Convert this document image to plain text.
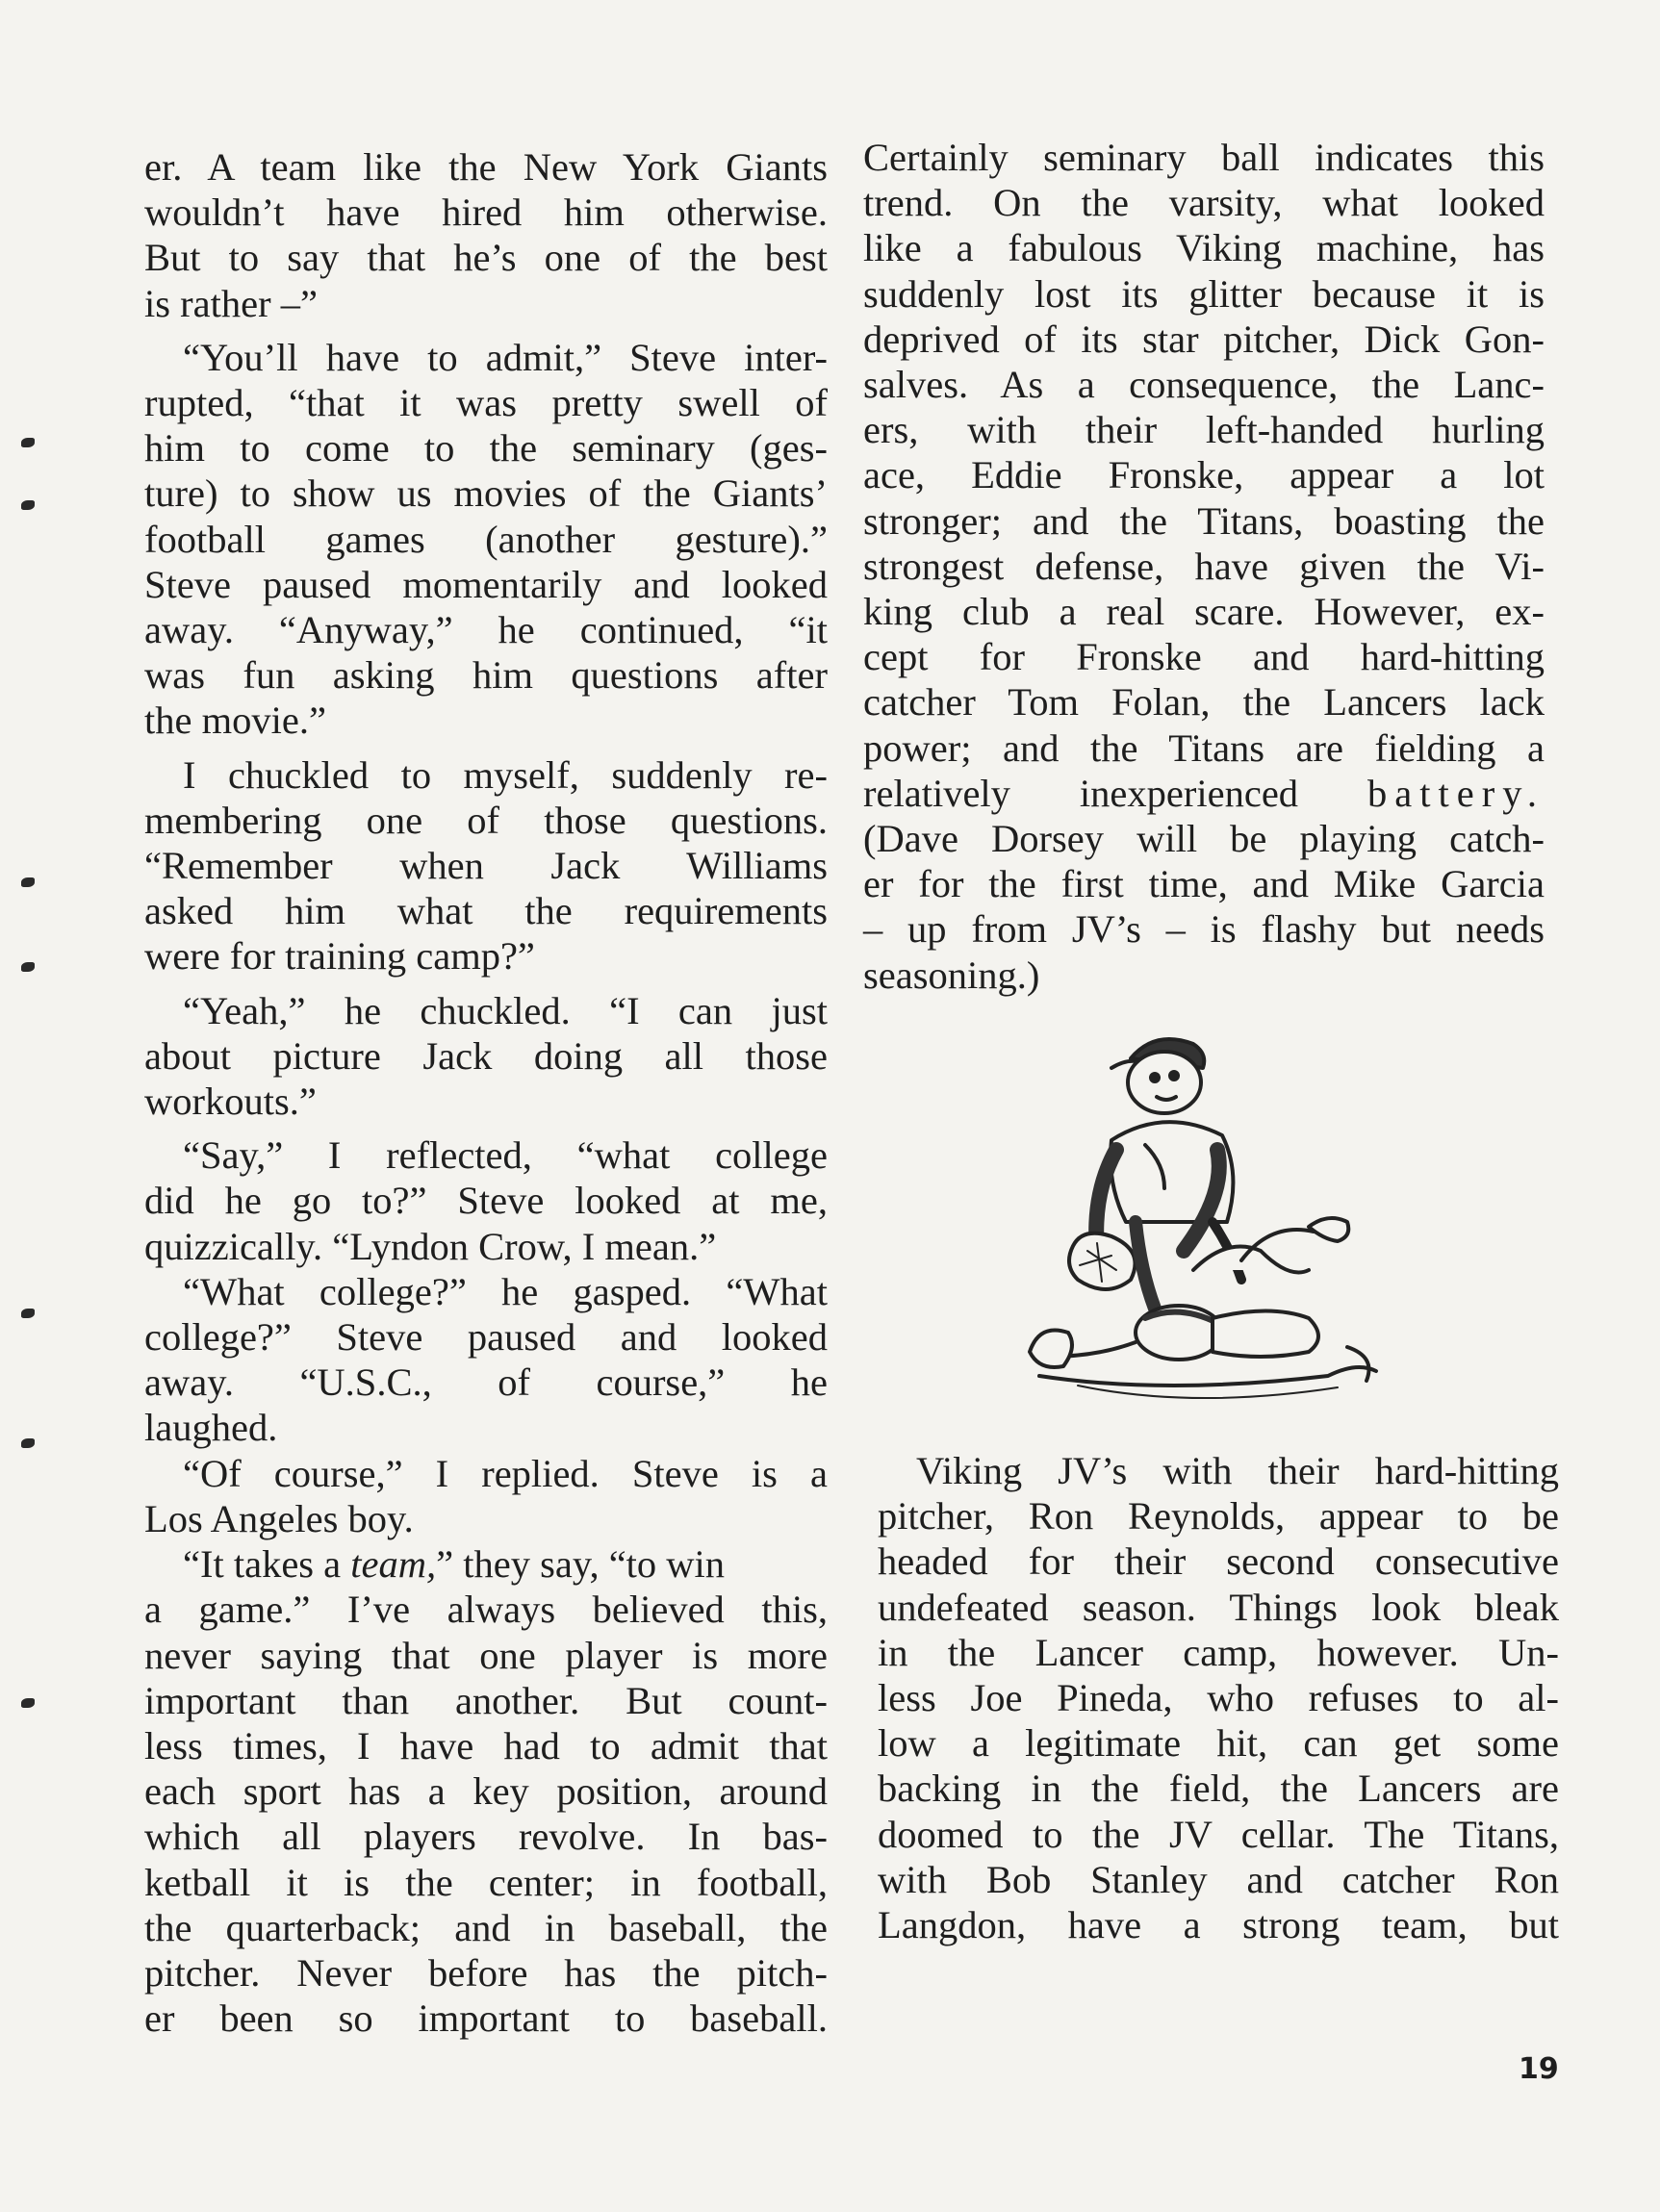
er. A team like the New York Giants
wouldn’t have hired him otherwise.
But to say that he’s one of the best
is rather –”
“You’ll have to admit,” Steve inter-
rupted, “that it was pretty swell of
him to come to the seminary (ges-
ture) to show us movies of the Giants’
football games (another gesture).”
Steve paused momentarily and looked
away. “Anyway,” he continued, “it
was fun asking him questions after
the movie.”
I chuckled to myself, suddenly re-
membering one of those questions.
“Remember when Jack Williams
asked him what the requirements
were for training camp?”
“Yeah,” he chuckled. “I can just
about picture Jack doing all those
workouts.”
“Say,” I reflected, “what college
did he go to?” Steve looked at me,
quizzically. “Lyndon Crow, I mean.”
“What college?” he gasped. “What
college?” Steve paused and looked
away. “U.S.C., of course,” he
laughed.
“Of course,” I replied. Steve is a
Los Angeles boy.
“It takes a team,” they say, “to win
a game.” I’ve always believed this,
never saying that one player is more
important than another. But count-
less times, I have had to admit that
each sport has a key position, around
which all players revolve. In bas-
ketball it is the center; in football,
the quarterback; and in baseball, the
pitcher. Never before has the pitch-
er been so important to baseball.
Certainly seminary ball indicates this
trend. On the varsity, what looked
like a fabulous Viking machine, has
suddenly lost its glitter because it is
deprived of its star pitcher, Dick Gon-
salves. As a consequence, the Lanc-
ers, with their left-handed hurling
ace, Eddie Fronske, appear a lot
stronger; and the Titans, boasting the
strongest defense, have given the Vi-
king club a real scare. However, ex-
cept for Fronske and hard-hitting
catcher Tom Folan, the Lancers lack
power; and the Titans are fielding a
relatively inexperienced battery.
(Dave Dorsey will be playing catch-
er for the first time, and Mike Garcia
– up from JV’s – is flashy but needs
seasoning.)
Viking JV’s with their hard-hitting
pitcher, Ron Reynolds, appear to be
headed for their second consecutive
undefeated season. Things look bleak
in the Lancer camp, however. Un-
less Joe Pineda, who refuses to al-
low a legitimate hit, can get some
backing in the field, the Lancers are
doomed to the JV cellar. The Titans,
with Bob Stanley and catcher Ron
Langdon, have a strong team, but
19
